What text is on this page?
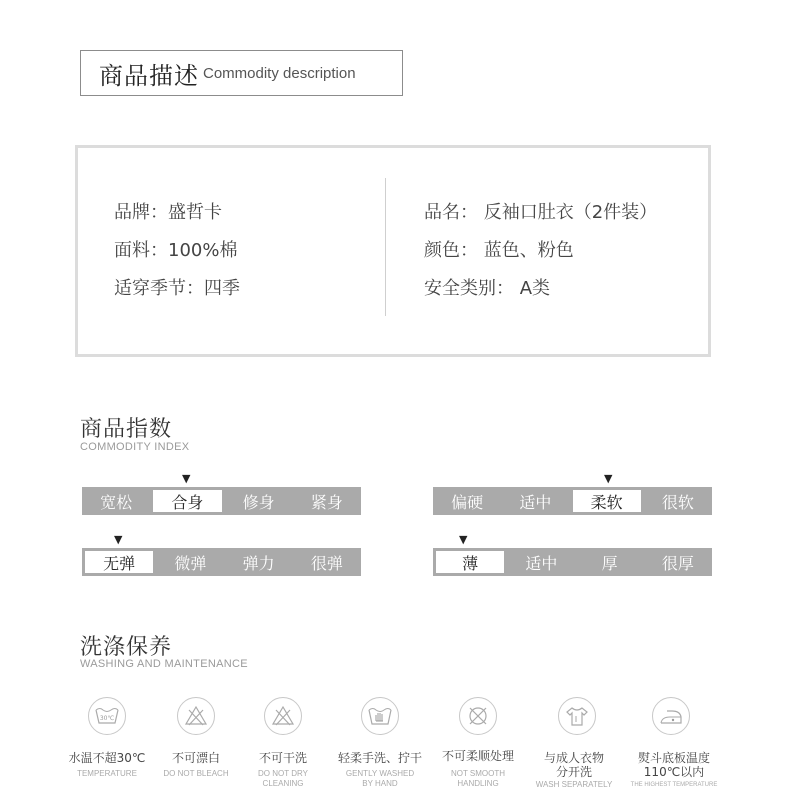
商品描述 Commodity description
品牌：盛哲卡
面料：100%棉
适穿季节：四季
品名： 反袖口肚衣（2件装）
颜色： 蓝色、粉色
安全类别： A类
商品指数
COMMODITY INDEX
▼	▼
▼	▼
宽松	合身	修身	紧身	偏硬	适中	柔软	很软
无弹	微弹	弹力	很弹	薄	适中	厚	很厚
洗涤保养
WASHING AND MAINTENANCE
30℃
水温不超30℃
TEMPERATURE
不可漂白
DO NOT BLEACH
不可干洗
DO NOT DRY
CLEANING
轻柔手洗、拧干
GENTLY WASHED
BY HAND
不可柔顺处理
NOT SMOOTH
HANDLING
与成人衣物
分开洗
WASH SEPARATELY
熨斗底板温度
110℃以内
THE HIGHEST TEMPERATURE
